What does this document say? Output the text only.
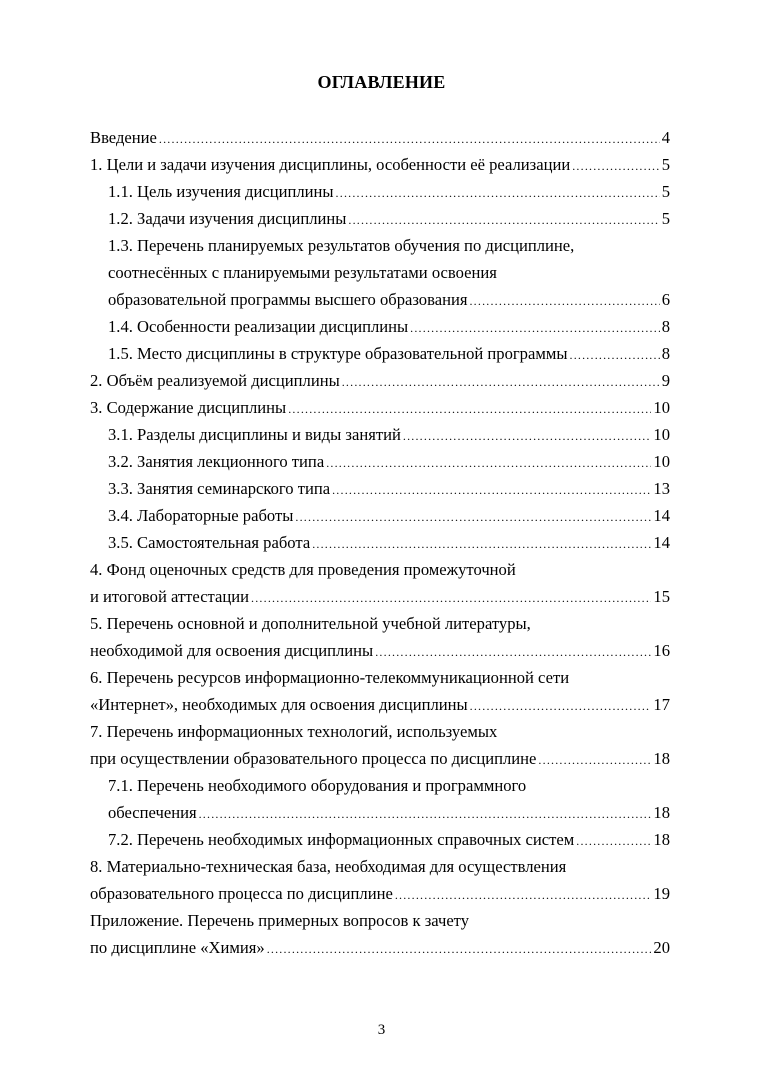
ОГЛАВЛЕНИЕ
Введение .....	4
1. Цели и задачи изучения дисциплины, особенности её реализации .....	5
1.1. Цель изучения дисциплины .....	5
1.2. Задачи изучения дисциплины .....	5
1.3. Перечень планируемых результатов обучения по дисциплине,
соотнесённых с планируемыми результатами освоения
образовательной программы высшего образования .....	6
1.4. Особенности реализации дисциплины .....	8
1.5. Место дисциплины в структуре образовательной программы .....	8
2. Объём реализуемой дисциплины .....	9
3. Содержание дисциплины .....	10
3.1. Разделы дисциплины и виды занятий .....	10
3.2. Занятия лекционного типа .....	10
3.3. Занятия семинарского типа .....	13
3.4. Лабораторные работы .....	14
3.5. Самостоятельная работа .....	14
4. Фонд оценочных средств для проведения промежуточной
и итоговой аттестации .....	15
5. Перечень основной и дополнительной учебной литературы,
необходимой для освоения дисциплины .....	16
6. Перечень ресурсов информационно-телекоммуникационной сети
«Интернет», необходимых для освоения дисциплины .....	17
7. Перечень информационных технологий, используемых
при осуществлении образовательного процесса по дисциплине .....	18
7.1. Перечень необходимого оборудования и программного
обеспечения .....	18
7.2. Перечень необходимых информационных справочных систем .....	18
8. Материально-техническая база, необходимая для осуществления
образовательного процесса по дисциплине .....	19
Приложение. Перечень примерных вопросов к зачету
по дисциплине «Химия» .....	20
3
